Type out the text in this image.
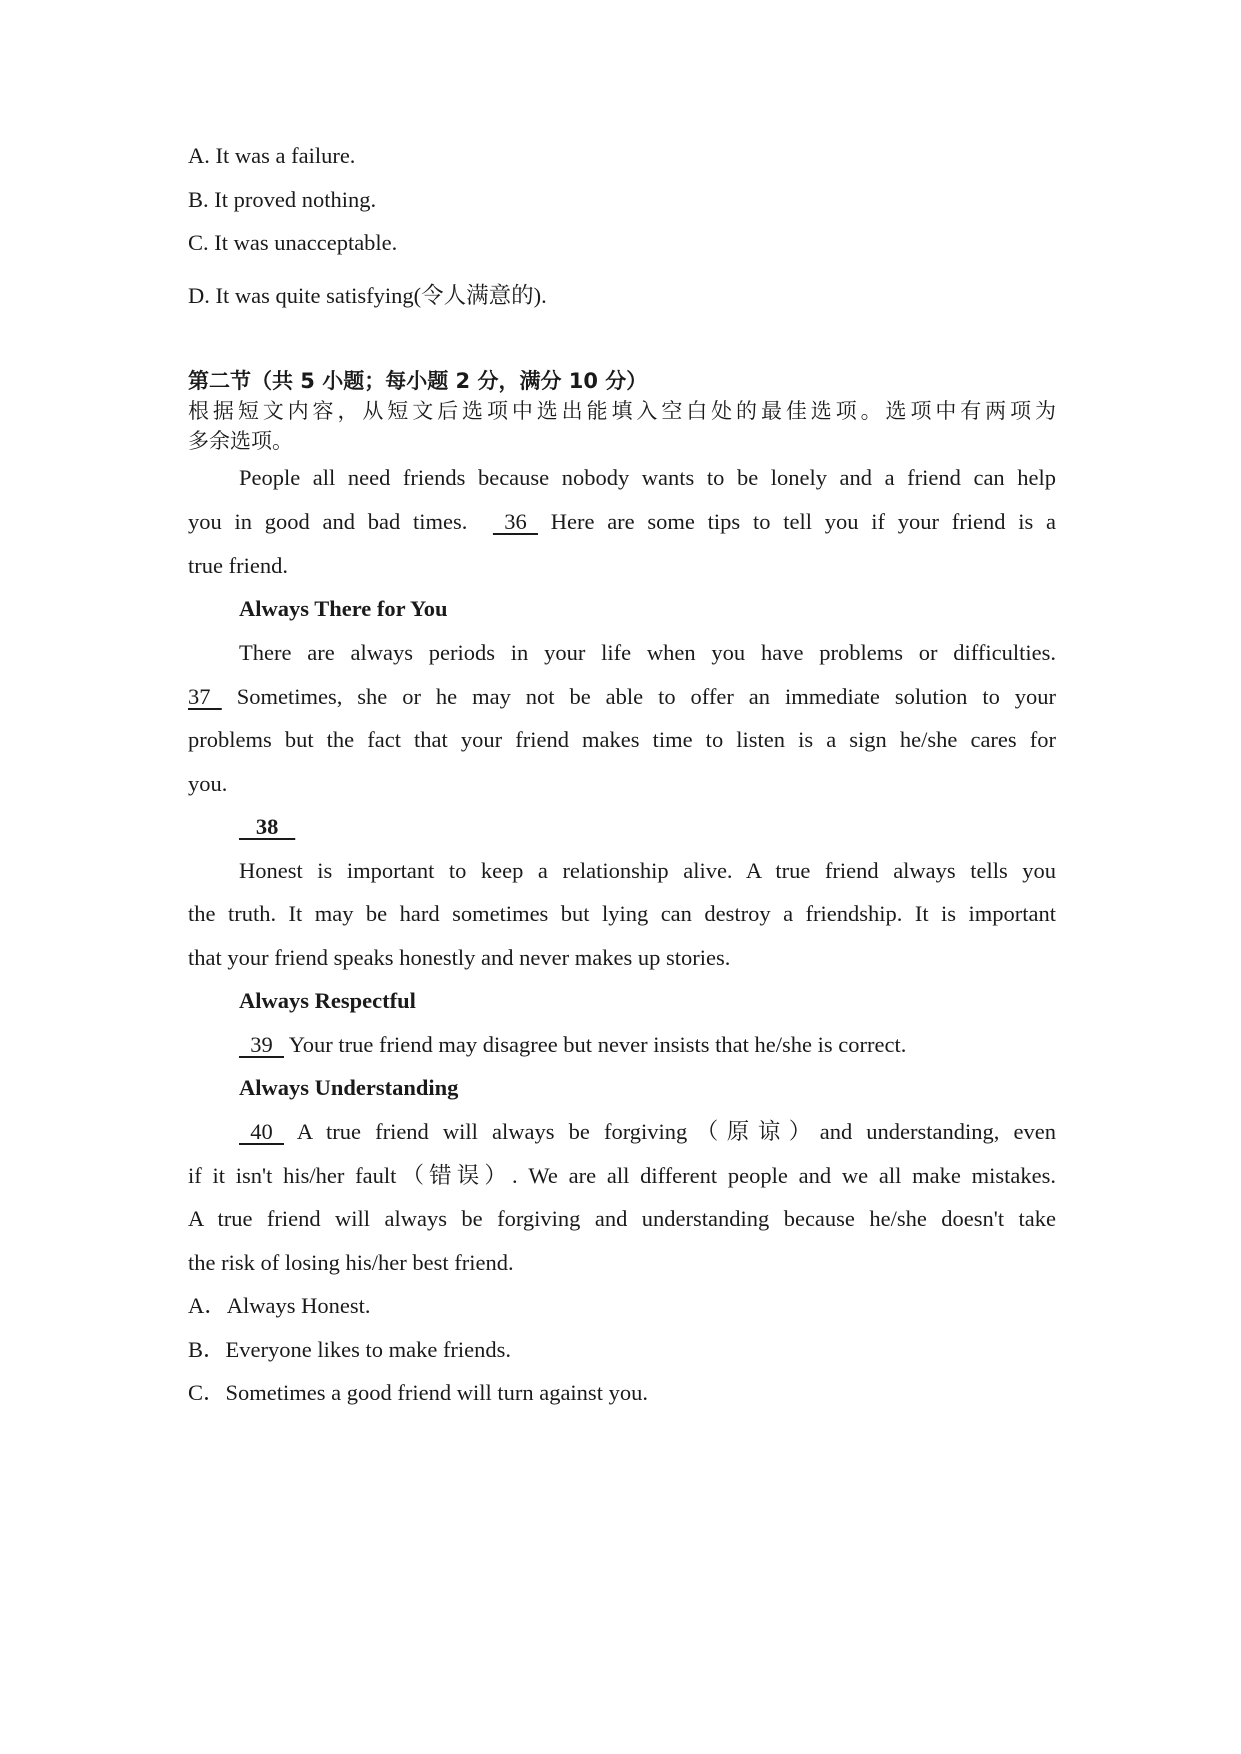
A. It was a failure.
B. It proved nothing.
C. It was unacceptable.
D. It was quite satisfying(令人满意的).
第二节（共 5 小题；每小题 2 分，满分 10 分）
根据短文内容，从短文后选项中选出能填入空白处的最佳选项。选项中有两项为
多余选项。
People all need friends because nobody wants to be lonely and a friend can help
you in good and bad times.    36   Here are some tips to tell you if your friend is a
true friend.
Always There for You
There are always periods in your life when you have problems or difficulties.
37   Sometimes, she or he may not be able to offer an immediate solution to your
problems but the fact that your friend makes time to listen is a sign he/she cares for
you.
38
Honest is important to keep a relationship alive. A true friend always tells you
the truth. It may be hard sometimes but lying can destroy a friendship. It is important
that your friend speaks honestly and never makes up stories.
Always Respectful
39   Your true friend may disagree but never insists that he/she is correct.
Always Understanding
40   A true friend will always be forgiving（原谅）and understanding, even
if it isn't his/her fault（错误）. We are all different people and we all make mistakes.
A true friend will always be forgiving and understanding because he/she doesn't take
the risk of losing his/her best friend.
A．Always Honest.
B．Everyone likes to make friends.
C．Sometimes a good friend will turn against you.
